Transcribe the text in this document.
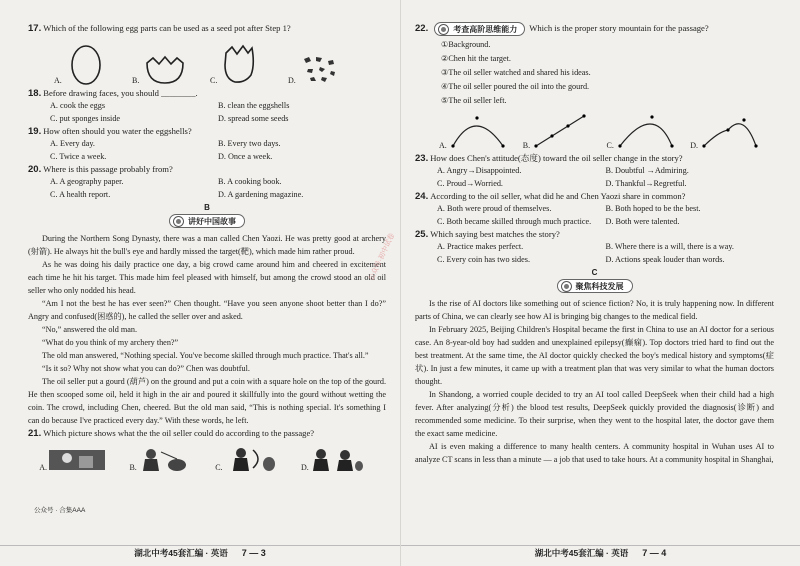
17. Which of the following egg parts can be used as a seed pot after Step 1?

A.	B.	C.	D.

18. Before drawing faces, you should ________.

A. cook the eggs	B. clean the eggshells
C. put sponges inside	D. spread some seeds

19. How often should you water the eggshells?

A. Every day.	B. Every two days.
C. Twice a week.	D. Once a week.

20. Where is this passage probably from?

A. A geography paper.	B. A cooking book.
C. A health report.	D. A gardening magazine.

B

讲好中国故事

During the Northern Song Dynasty, there was a man called Chen Yaozi. He was pretty good at archery (射箭). He always hit the bull's eye and hardly missed the target(靶), which made him rather proud.

As he was doing his daily practice one day, a big crowd came around him and cheered in excitement each time he hit his target. This made him feel pleased with himself, but among the crowd stood an old oil seller who only nodded his head.

“Am I not the best he has ever seen?” Chen thought. “Have you seen anyone shoot better than I do?” Angry and confused(困惑的), he called the seller over and asked.

“No,” answered the old man.

“What do you think of my archery then?”

The old man answered, “Nothing special. You've become skilled through much practice. That's all.”

“Is it so? Why not show what you can do?” Chen was doubtful.

The oil seller put a gourd (葫芦) on the ground and put a coin with a square hole on the top of the gourd. He then scooped some oil, held it high in the air and poured it skillfully into the gourd without wetting the coin. The crowd, including Chen, cheered. But the old man said, “This is nothing special. It's something I can do because I've practiced every day.” With these words, he left.

21. Which picture shows what the the oil seller could do according to the passage?

公众号 · 合集AAA
A.	B.	C.	D.
湖北中考45套汇编 · 英语 7 — 3
公众号·初中试卷

22.	考查高阶思维能力 Which is the proper story mountain for the passage?

①Background.
②Chen hit the target.
③The oil seller watched and shared his ideas.
④The oil seller poured the oil into the gourd.
⑤The oil seller left.
A.	B.	C.	D.

23. How does Chen's attitude(态度) toward the oil seller change in the story?

A. Angry→Disappointed.	B. Doubtful →Admiring.
C. Proud→Worried.	D. Thankful→Regretful.

24. According to the oil seller, what did he and Chen Yaozi share in common?

A. Both were proud of themselves.	B. Both hoped to be the best.
C. Both became skilled through much practice.	D. Both were talented.

25. Which saying best matches the story?

A. Practice makes perfect.	B. Where there is a will, there is a way.
C. Every coin has two sides.	D. Actions speak louder than words.

C

聚焦科技发展

Is the rise of AI doctors like something out of science fiction? No, it is truly happening now. In different parts of China, we can clearly see how AI is bringing big changes to the medical field.

In February 2025, Beijing Children's Hospital became the first in China to use an AI doctor for a serious case. An 8-year-old boy had sudden and unexplained epilepsy(癫痫). Top doctors tried hard to find out the best treatment. At the same time, the AI doctor quickly checked the boy's medical history and symptoms(症状). In just a few minutes, it came up with a treatment plan that was very similar to what the human doctors thought.

In Shandong, a worried couple decided to try an AI tool called DeepSeek when their child had a high fever. After analyzing(分析) the blood test results, DeepSeek quickly provided the diagnosis(诊断) and recommended some medicine. To their surprise, when they went to the hospital later, the doctor gave them the exact same medicine.

AI is even making a difference to many health centers. A community hospital in Wuhan uses AI to analyze CT scans in less than a minute — a job that used to take hours. At a community hospital in Shanghai,

湖北中考45套汇编 · 英语 7 — 4
